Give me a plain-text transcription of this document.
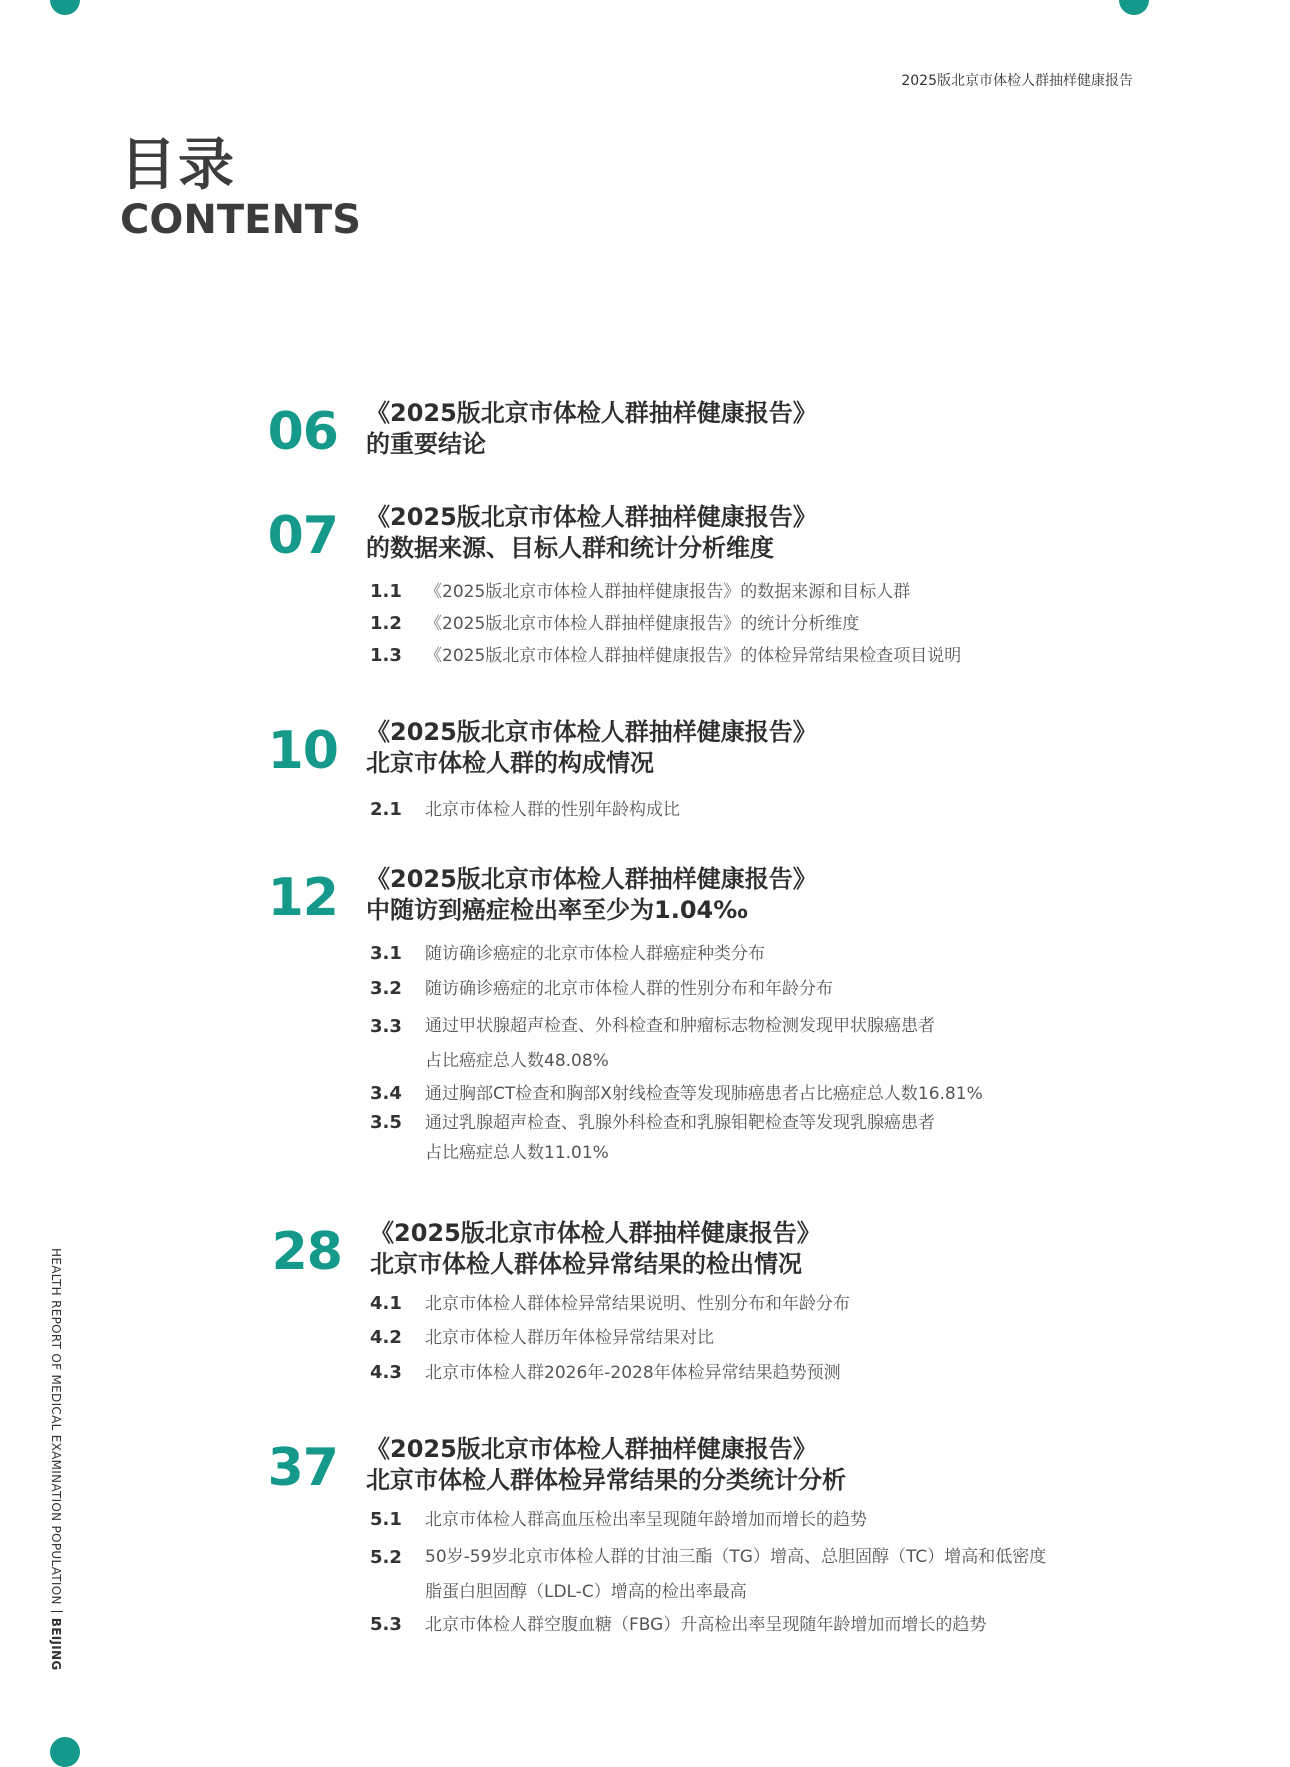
2025版北京市体检人群抽样健康报告
目录
CONTENTS
HEALTH REPORT OF MEDICAL EXAMINATION POPULATIONBEIJING
06 《2025版北京市体检人群抽样健康报告》
的重要结论
07 《2025版北京市体检人群抽样健康报告》
的数据来源、目标人群和统计分析维度
1.1 《2025版北京市体检人群抽样健康报告》的数据来源和目标人群
1.2 《2025版北京市体检人群抽样健康报告》的统计分析维度
1.3 《2025版北京市体检人群抽样健康报告》的体检异常结果检查项目说明
10 《2025版北京市体检人群抽样健康报告》
北京市体检人群的构成情况
2.1 北京市体检人群的性别年龄构成比
12 《2025版北京市体检人群抽样健康报告》
中随访到癌症检出率至少为1.04‰
3.1 随访确诊癌症的北京市体检人群癌症种类分布
3.2 随访确诊癌症的北京市体检人群的性别分布和年龄分布
3.3 通过甲状腺超声检查、外科检查和肿瘤标志物检测发现甲状腺癌患者
占比癌症总人数48.08%
3.4 通过胸部CT检查和胸部X射线检查等发现肺癌患者占比癌症总人数16.81%
3.5 通过乳腺超声检查、乳腺外科检查和乳腺钼靶检查等发现乳腺癌患者
占比癌症总人数11.01%
28 《2025版北京市体检人群抽样健康报告》
北京市体检人群体检异常结果的检出情况
4.1 北京市体检人群体检异常结果说明、性别分布和年龄分布
4.2 北京市体检人群历年体检异常结果对比
4.3 北京市体检人群2026年-2028年体检异常结果趋势预测
37 《2025版北京市体检人群抽样健康报告》
北京市体检人群体检异常结果的分类统计分析
5.1 北京市体检人群高血压检出率呈现随年龄增加而增长的趋势
5.2 50岁-59岁北京市体检人群的甘油三酯（TG）增高、总胆固醇（TC）增高和低密度
脂蛋白胆固醇（LDL-C）增高的检出率最高
5.3 北京市体检人群空腹血糖（FBG）升高检出率呈现随年龄增加而增长的趋势
